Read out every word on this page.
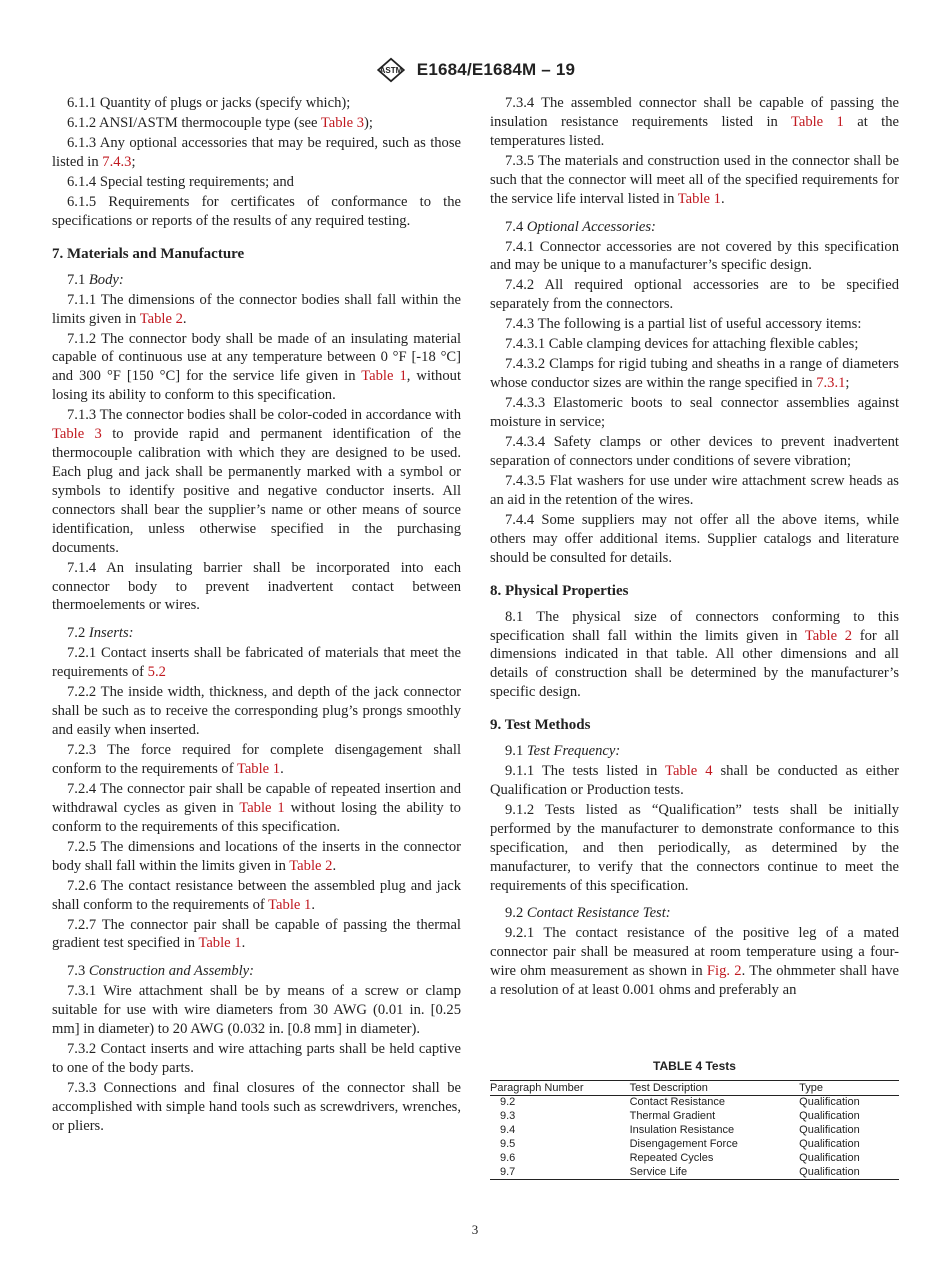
ASTM E1684/E1684M – 19

6.1.1 Quantity of plugs or jacks (specify which);

6.1.2 ANSI/ASTM thermocouple type (see Table 3);

6.1.3 Any optional accessories that may be required, such as those listed in 7.4.3;

6.1.4 Special testing requirements; and

6.1.5 Requirements for certificates of conformance to the specifications or reports of the results of any required testing.

7. Materials and Manufacture

7.1 Body:

7.1.1 The dimensions of the connector bodies shall fall within the limits given in Table 2.

7.1.2 The connector body shall be made of an insulating material capable of continuous use at any temperature between 0 °F [-18 °C] and 300 °F [150 °C] for the service life given in Table 1, without losing its ability to conform to this specification.

7.1.3 The connector bodies shall be color-coded in accordance with Table 3 to provide rapid and permanent identification of the thermocouple calibration with which they are designed to be used. Each plug and jack shall be permanently marked with a symbol or symbols to identify positive and negative conductor inserts. All connectors shall bear the supplier’s name or other means of source identification, unless otherwise specified in the purchasing documents.

7.1.4 An insulating barrier shall be incorporated into each connector body to prevent inadvertent contact between thermoelements or wires.

7.2 Inserts:

7.2.1 Contact inserts shall be fabricated of materials that meet the requirements of 5.2

7.2.2 The inside width, thickness, and depth of the jack connector shall be such as to receive the corresponding plug’s prongs smoothly and easily when inserted.

7.2.3 The force required for complete disengagement shall conform to the requirements of Table 1.

7.2.4 The connector pair shall be capable of repeated insertion and withdrawal cycles as given in Table 1 without losing the ability to conform to the requirements of this specification.

7.2.5 The dimensions and locations of the inserts in the connector body shall fall within the limits given in Table 2.

7.2.6 The contact resistance between the assembled plug and jack shall conform to the requirements of Table 1.

7.2.7 The connector pair shall be capable of passing the thermal gradient test specified in Table 1.

7.3 Construction and Assembly:

7.3.1 Wire attachment shall be by means of a screw or clamp suitable for use with wire diameters from 30 AWG (0.01 in. [0.25 mm] in diameter) to 20 AWG (0.032 in. [0.8 mm] in diameter).

7.3.2 Contact inserts and wire attaching parts shall be held captive to one of the body parts.

7.3.3 Connections and final closures of the connector shall be accomplished with simple hand tools such as screwdrivers, wrenches, or pliers.

7.3.4 The assembled connector shall be capable of passing the insulation resistance requirements listed in Table 1 at the temperatures listed.

7.3.5 The materials and construction used in the connector shall be such that the connector will meet all of the specified requirements for the service life interval listed in Table 1.

7.4 Optional Accessories:

7.4.1 Connector accessories are not covered by this specification and may be unique to a manufacturer’s specific design.

7.4.2 All required optional accessories are to be specified separately from the connectors.

7.4.3 The following is a partial list of useful accessory items:

7.4.3.1 Cable clamping devices for attaching flexible cables;

7.4.3.2 Clamps for rigid tubing and sheaths in a range of diameters whose conductor sizes are within the range specified in 7.3.1;

7.4.3.3 Elastomeric boots to seal connector assemblies against moisture in service;

7.4.3.4 Safety clamps or other devices to prevent inadvertent separation of connectors under conditions of severe vibration;

7.4.3.5 Flat washers for use under wire attachment screw heads as an aid in the retention of the wires.

7.4.4 Some suppliers may not offer all the above items, while others may offer additional items. Supplier catalogs and literature should be consulted for details.

8. Physical Properties

8.1 The physical size of connectors conforming to this specification shall fall within the limits given in Table 2 for all dimensions indicated in that table. All other dimensions and all details of construction shall be determined by the manufacturer’s specific design.

9. Test Methods

9.1 Test Frequency:

9.1.1 The tests listed in Table 4 shall be conducted as either Qualification or Production tests.

9.1.2 Tests listed as “Qualification” tests shall be initially performed by the manufacturer to demonstrate conformance to this specification, and then periodically, as determined by the manufacturer, to verify that the connectors continue to meet the requirements of this specification.

9.2 Contact Resistance Test:

9.2.1 The contact resistance of the positive leg of a mated connector pair shall be measured at room temperature using a four-wire ohm measurement as shown in Fig. 2. The ohmmeter shall have a resolution of at least 0.001 ohms and preferably an

TABLE 4 Tests
Paragraph Number	Test Description	Type
9.2	Contact Resistance	Qualification
9.3	Thermal Gradient	Qualification
9.4	Insulation Resistance	Qualification
9.5	Disengagement Force	Qualification
9.6	Repeated Cycles	Qualification
9.7	Service Life	Qualification
3
